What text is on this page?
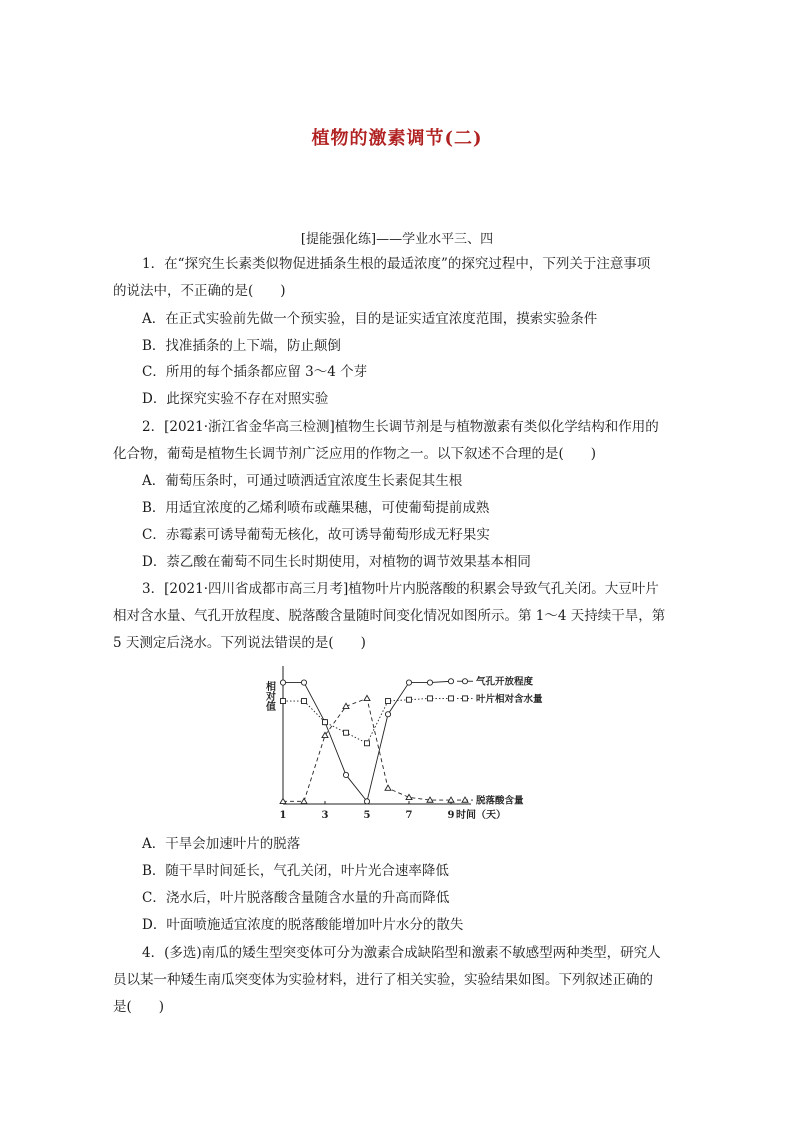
植物的激素调节(二)
[提能强化练]——学业水平三、四
1．在“探究生长素类似物促进插条生根的最适浓度”的探究过程中，下列关于注意事项
的说法中，不正确的是(　　)
A．在正式实验前先做一个预实验，目的是证实适宜浓度范围，摸索实验条件
B．找准插条的上下端，防止颠倒
C．所用的每个插条都应留 3～4 个芽
D．此探究实验不存在对照实验
2．[2021·浙江省金华高三检测]植物生长调节剂是与植物激素有类似化学结构和作用的
化合物，葡萄是植物生长调节剂广泛应用的作物之一。以下叙述不合理的是(　　)
A．葡萄压条时，可通过喷洒适宜浓度生长素促其生根
B．用适宜浓度的乙烯利喷布或蘸果穗，可使葡萄提前成熟
C．赤霉素可诱导葡萄无核化，故可诱导葡萄形成无籽果实
D．萘乙酸在葡萄不同生长时期使用，对植物的调节效果基本相同
3．[2021·四川省成都市高三月考]植物叶片内脱落酸的积累会导致气孔关闭。大豆叶片
相对含水量、气孔开放程度、脱落酸含量随时间变化情况如图所示。第 1～4 天持续干旱，第
5 天测定后浇水。下列说法错误的是(　　)
相对值
1	3	5	7	9 时间（天）
气孔开放程度
叶片相对含水量
脱落酸含量
A．干旱会加速叶片的脱落
B．随干旱时间延长，气孔关闭，叶片光合速率降低
C．浇水后，叶片脱落酸含量随含水量的升高而降低
D．叶面喷施适宜浓度的脱落酸能增加叶片水分的散失
4．(多选)南瓜的矮生型突变体可分为激素合成缺陷型和激素不敏感型两种类型，研究人
员以某一种矮生南瓜突变体为实验材料，进行了相关实验，实验结果如图。下列叙述正确的
是(　　)
